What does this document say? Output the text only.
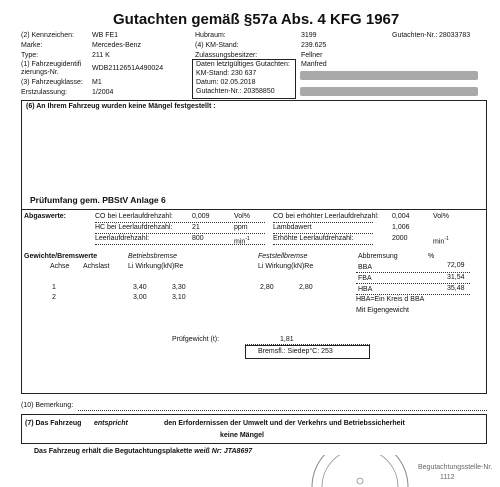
Gutachten gemäß §57a Abs. 4 KFG 1967
(2) Kennzeichen:	WB FE1
Marke:	Mercedes-Benz
Type:	211 K
(1) Fahrzeugidentifi
zierungs-Nr.
WDB2112651A490024
(3) Fahrzeugklasse: M1
Erstzulassung:	1/2004
Hubraum:	3199
(4) KM-Stand:	239.625
Zulassungsbesitzer:	Fellner
Manfred
Daten letztgültiges Gutachten:
KM-Stand: 230 637
Datum: 02.05.2018
Gutachten-Nr.: 20358850
Gutachten-Nr.: 28033783
(6) An Ihrem Fahrzeug wurden keine Mängel festgestellt :
Prüfumfang gem. PBStV Anlage 6
Abgaswerte:	CO bei Leerlaufdrehzahl:	0,009	Vol%	CO bei erhöhter Leerlaufdrehzahl: 0,004	Vol%
HC bei Leerlaufdrehzahl:	21	ppm	Lambdawert	1,006
Leerlaufdrehzahl:	800	$\min^{-1}$	Erhöhte Leerlaufdrehzahl:	2000	$\min^{-1}$
Gewichte/Bremswerte	Betriebsbremse	Feststellbremse	Abbremsung	%
Achse Achslast	Li Wirkung(kN)Re	Li Wirkung(kN)Re	BBA	72,09
FBA	31,54
HBA	35,48
HBA=Ein Kreis d BBA
Mit Eigengewicht
1	3,40	3,30	2,80	2,80
2	3,00	3,10
Prüfgewicht (t):	1,81
Bremsfl.: Siedep°C: 253
(10) Bemerkung:
(7) Das Fahrzeug entspricht	den Erfordernissen der Umwelt und der Verkehrs und Betriebssicherheit
keine Mängel
Das Fahrzeug erhält die Begutachtungsplakette weiß Nr: JTA8697
Begutachtungsstelle-Nr.
1112
